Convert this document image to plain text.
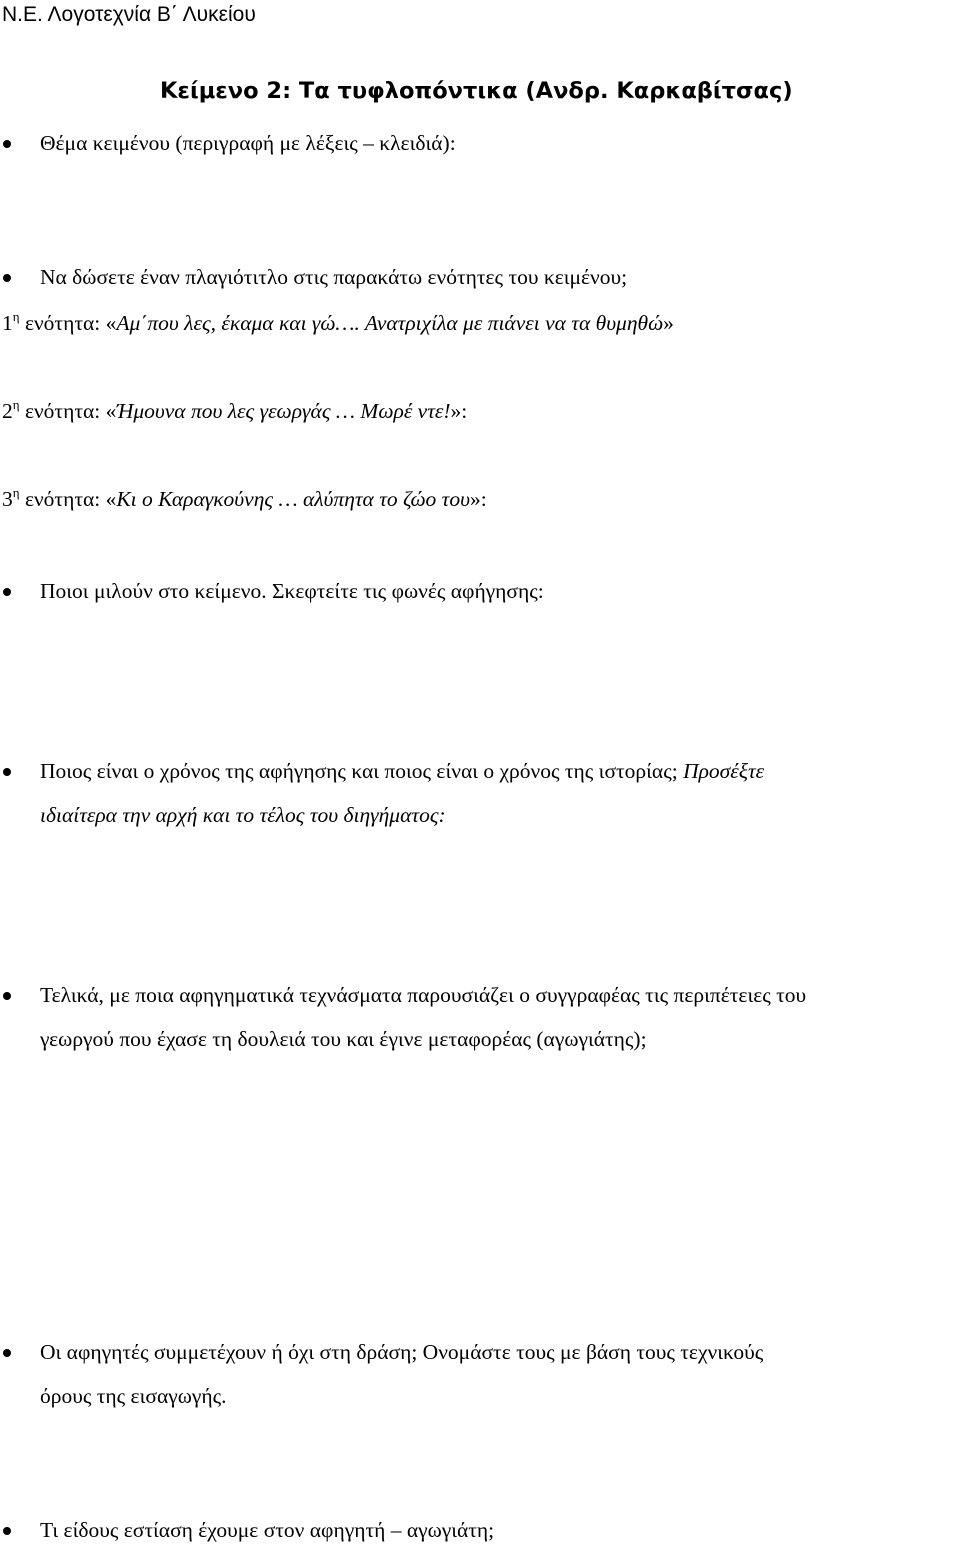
Ν.Ε. Λογοτεχνία Β΄ Λυκείου
Κείμενο 2: Τα τυφλοπόντικα (Ανδρ. Καρκαβίτσας)
Θέμα κειμένου (περιγραφή με λέξεις – κλειδιά):
Να δώσετε έναν πλαγιότιτλο στις παρακάτω ενότητες του κειμένου;
$1^\eta$ ενότητα: «Αμ΄που λες, έκαμα και γώ…. Ανατριχίλα με πιάνει να τα θυμηθώ»
$2^\eta$ ενότητα: «Ήμουνα που λες γεωργάς … Μωρέ ντε!»:
$3^\eta$ ενότητα: «Κι ο Καραγκούνης … αλύπητα το ζώο του»:
Ποιοι μιλούν στο κείμενο. Σκεφτείτε τις φωνές αφήγησης:
Ποιος είναι ο χρόνος της αφήγησης και ποιος είναι ο χρόνος της ιστορίας; Προσέξτε
ιδιαίτερα την αρχή και το τέλος του διηγήματος:
Τελικά, με ποια αφηγηματικά τεχνάσματα παρουσιάζει ο συγγραφέας τις περιπέτειες του
γεωργού που έχασε τη δουλειά του και έγινε μεταφορέας (αγωγιάτης);
Οι αφηγητές συμμετέχουν ή όχι στη δράση; Ονομάστε τους με βάση τους τεχνικούς
όρους της εισαγωγής.
Τι είδους εστίαση έχουμε στον αφηγητή – αγωγιάτη;
